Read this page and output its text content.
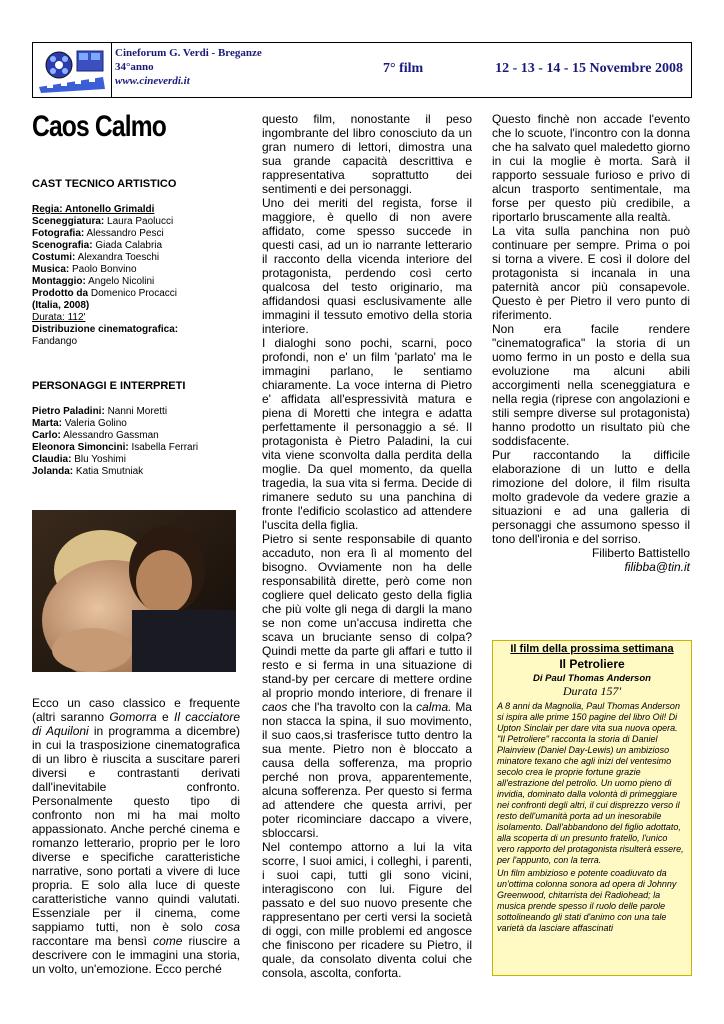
Cineforum G. Verdi - Breganze
34°anno
www.cineverdi.it
7° film	12 - 13 - 14 - 15 Novembre 2008
Caos Calmo
CAST TECNICO ARTISTICO
Regia: Antonello Grimaldi
Sceneggiatura: Laura Paolucci
Fotografia: Alessandro Pesci
Scenografia: Giada Calabria
Costumi: Alexandra Toeschi
Musica: Paolo Bonvino
Montaggio: Angelo Nicolini
Prodotto da Domenico Procacci
(Italia, 2008)
Durata: 112'
Distribuzione cinematografica:
Fandango
PERSONAGGI E INTERPRETI
Pietro Paladini: Nanni Moretti
Marta: Valeria Golino
Carlo: Alessandro Gassman
Eleonora Simoncini: Isabella Ferrari
Claudia: Blu Yoshimi
Jolanda: Katia Smutniak
Ecco un caso classico e frequente (altri saranno Gomorra e Il cacciatore di Aquiloni in programma a dicembre) in cui la trasposizione cinematografica di un libro è riuscita a suscitare pareri diversi e contrastanti derivati dall'inevitabile confronto. Personalmente questo tipo di confronto non mi ha mai molto appassionato. Anche perché cinema e romanzo letterario, proprio per le loro diverse e specifiche caratteristiche narrative, sono portati a vivere di luce propria. E solo alla luce di queste caratteristiche vanno quindi valutati. Essenziale per il cinema, come sappiamo tutti, non è solo cosa raccontare ma bensì come riuscire a descrivere con le immagini una storia, un volto, un'emozione. Ecco perché
questo film, nonostante il peso ingombrante del libro conosciuto da un gran numero di lettori, dimostra una sua grande capacità descrittiva e rappresentativa soprattutto dei sentimenti e dei personaggi.
Uno dei meriti del regista, forse il maggiore, è quello di non avere affidato, come spesso succede in questi casi, ad un io narrante letterario il racconto della vicenda interiore del protagonista, perdendo così certo qualcosa del testo originario, ma affidandosi quasi esclusivamente alle immagini il tessuto emotivo della storia interiore.
I dialoghi sono pochi, scarni, poco profondi, non e' un film 'parlato' ma le immagini parlano, le sentiamo chiaramente. La voce interna di Pietro e' affidata all'espressività matura e piena di Moretti che integra e adatta perfettamente il personaggio a sé. Il protagonista è Pietro Paladini, la cui vita viene sconvolta dalla perdita della moglie. Da quel momento, da quella tragedia, la sua vita si ferma. Decide di rimanere seduto su una panchina di fronte l'edificio scolastico ad attendere l'uscita della figlia.
Pietro si sente responsabile di quanto accaduto, non era lì al momento del bisogno. Ovviamente non ha delle responsabilità dirette, però come non cogliere quel delicato gesto della figlia che più volte gli nega di dargli la mano se non come un'accusa indiretta che scava un bruciante senso di colpa? Quindi mette da parte gli affari e tutto il resto e si ferma in una situazione di stand-by per cercare di mettere ordine al proprio mondo interiore, di frenare il caos che l'ha travolto con la calma. Ma non stacca la spina, il suo movimento, il suo caos,si trasferisce tutto dentro la sua mente. Pietro non è bloccato a causa della sofferenza, ma proprio perché non prova, apparentemente, alcuna sofferenza. Per questo si ferma ad attendere che questa arrivi, per poter ricominciare daccapo a vivere, sbloccarsi.
Nel contempo attorno a lui la vita scorre, I suoi amici, i colleghi, i parenti, i suoi capi, tutti gli sono vicini, interagiscono con lui. Figure del passato e del suo nuovo presente che rappresentano per certi versi la società di oggi, con mille problemi ed angosce che finiscono per ricadere su Pietro, il quale, da consolato diventa colui che consola, ascolta, conforta.
Questo finchè non accade l'evento che lo scuote, l'incontro con la donna che ha salvato quel maledetto giorno in cui la moglie è morta. Sarà il rapporto sessuale furioso e privo di alcun trasporto sentimentale, ma forse per questo più credibile, a riportarlo bruscamente alla realtà.
La vita sulla panchina non può continuare per sempre. Prima o poi si torna a vivere. E così il dolore del protagonista si incanala in una paternità ancor più consapevole. Questo è per Pietro il vero punto di riferimento.
Non era facile rendere "cinematografica" la storia di un uomo fermo in un posto e della sua evoluzione ma alcuni abili accorgimenti nella sceneggiatura e nella regia (riprese con angolazioni e stili sempre diverse sul protagonista) hanno prodotto un risultato più che soddisfacente.
Pur raccontando la difficile elaborazione di un lutto e della rimozione del dolore, il film risulta molto gradevole da vedere grazie a situazioni e ad una galleria di personaggi che assumono spesso il tono dell'ironia e del sorriso.
Filiberto Battistello
filibba@tin.it
Il film della prossima settimana
Il Petroliere
Di Paul Thomas Anderson
Durata 157'
A 8 anni da Magnolia, Paul Thomas Anderson si ispira alle prime 150 pagine del libro Oil! Di Upton Sinclair per dare vita sua nuova opera. "Il Petroliere" racconta la storia di Daniel Plainview (Daniel Day-Lewis) un ambizioso minatore texano che agli inizi del ventesimo secolo crea le proprie fortune grazie all'estrazione del petrolio. Un uomo pieno di invidia, dominato dalla volontà di primeggiare nei confronti degli altri, il cui disprezzo verso il resto dell'umanità porta ad un inesorabile isolamento. Dall'abbandono del figlio adottato, alla scoperta di un presunto fratello, l'unico vero rapporto del protagonista risulterà essere, per l'appunto, con la terra.
Un film ambizioso e potente coadiuvato da un'ottima colonna sonora ad opera di Johnny Greenwood, chitarrista dei Radiohead; la musica prende spesso il ruolo delle parole sottolineando gli stati d'animo con una tale varietà da lasciare affascinati
